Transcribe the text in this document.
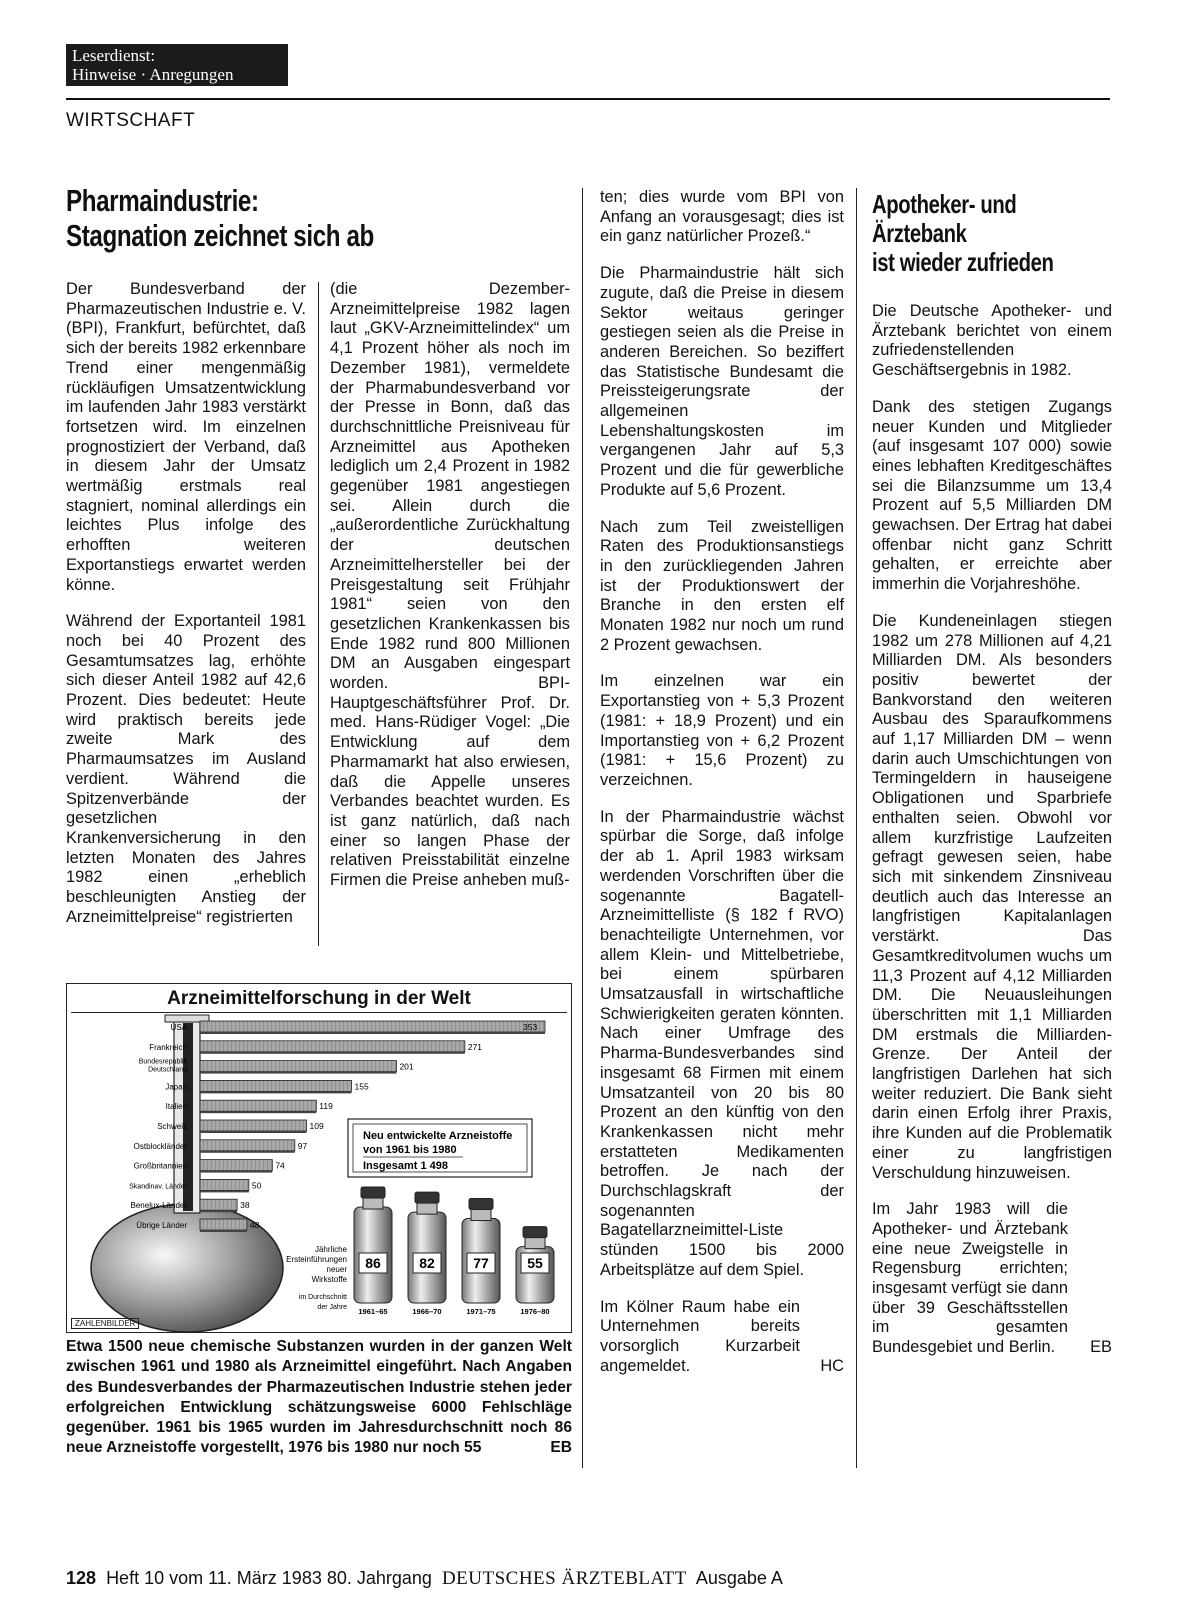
Leserdienst:
Hinweise · Anregungen
WIRTSCHAFT
Pharmaindustrie:
Stagnation zeichnet sich ab
Apotheker- und
Ärztebank
ist wieder zufrieden

Der Bundesverband der Pharmazeutischen Industrie e. V. (BPI), Frankfurt, befürchtet, daß sich der bereits 1982 erkennbare Trend einer mengenmäßig rückläufigen Umsatzentwicklung im laufenden Jahr 1983 verstärkt fortsetzen wird. Im einzelnen prognostiziert der Verband, daß in diesem Jahr der Umsatz wertmäßig erstmals real stagniert, nominal allerdings ein leichtes Plus infolge des erhofften weiteren Exportanstiegs erwartet werden könne.

Während der Exportanteil 1981 noch bei 40 Prozent des Gesamtumsatzes lag, erhöhte sich dieser Anteil 1982 auf 42,6 Prozent. Dies bedeutet: Heute wird praktisch bereits jede zweite Mark des Pharmaumsatzes im Ausland verdient. Während die Spitzenverbände der gesetzlichen Krankenversicherung in den letzten Monaten des Jahres 1982 einen „erheblich beschleunigten Anstieg der Arzneimittelpreise“ registrierten

(die Dezember-Arzneimittelpreise 1982 lagen laut „GKV-Arzneimittelindex“ um 4,1 Prozent höher als noch im Dezember 1981), vermeldete der Pharmabundesverband vor der Presse in Bonn, daß das durchschnittliche Preisniveau für Arzneimittel aus Apotheken lediglich um 2,4 Prozent in 1982 gegenüber 1981 angestiegen sei. Allein durch die „außerordentliche Zurückhaltung der deutschen Arzneimittelhersteller bei der Preisgestaltung seit Frühjahr 1981“ seien von den gesetzlichen Krankenkassen bis Ende 1982 rund 800 Millionen DM an Ausgaben eingespart worden. BPI-Hauptgeschäftsführer Prof. Dr. med. Hans-Rüdiger Vogel: „Die Entwicklung auf dem Pharmamarkt hat also erwiesen, daß die Appelle unseres Verbandes beachtet wurden. Es ist ganz natürlich, daß nach einer so langen Phase der relativen Preisstabilität einzelne Firmen die Preise anheben muß-

ten; dies wurde vom BPI von Anfang an vorausgesagt; dies ist ein ganz natürlicher Prozeß.“

Die Pharmaindustrie hält sich zugute, daß die Preise in diesem Sektor weitaus geringer gestiegen seien als die Preise in anderen Bereichen. So beziffert das Statistische Bundesamt die Preissteigerungsrate der allgemeinen Lebenshaltungskosten im vergangenen Jahr auf 5,3 Prozent und die für gewerbliche Produkte auf 5,6 Prozent.

Nach zum Teil zweistelligen Raten des Produktionsanstiegs in den zurückliegenden Jahren ist der Produktionswert der Branche in den ersten elf Monaten 1982 nur noch um rund 2 Prozent gewachsen.

Im einzelnen war ein Exportanstieg von + 5,3 Prozent (1981: + 18,9 Prozent) und ein Importanstieg von + 6,2 Prozent (1981: + 15,6 Prozent) zu verzeichnen.

In der Pharmaindustrie wächst spürbar die Sorge, daß infolge der ab 1. April 1983 wirksam werdenden Vorschriften über die sogenannte Bagatell-Arzneimittelliste (§ 182 f RVO) benachteiligte Unternehmen, vor allem Klein- und Mittelbetriebe, bei einem spürbaren Umsatzausfall in wirtschaftliche Schwierigkeiten geraten könnten. Nach einer Umfrage des Pharma-Bundesverbandes sind insgesamt 68 Firmen mit einem Umsatzanteil von 20 bis 80 Prozent an den künftig von den Krankenkassen nicht mehr erstatteten Medikamenten betroffen. Je nach der Durchschlagskraft der sogenannten Bagatellarzneimittel-Liste stünden 1500 bis 2000 Arbeitsplätze auf dem Spiel.

Im Kölner Raum habe ein Unternehmen bereits vorsorglich Kurzarbeit angemeldet.	HC

Die Deutsche Apotheker- und Ärztebank berichtet von einem zufriedenstellenden Geschäftsergebnis in 1982.

Dank des stetigen Zugangs neuer Kunden und Mitglieder (auf insgesamt 107 000) sowie eines lebhaften Kreditgeschäftes sei die Bilanzsumme um 13,4 Prozent auf 5,5 Milliarden DM gewachsen. Der Ertrag hat dabei offenbar nicht ganz Schritt gehalten, er erreichte aber immerhin die Vorjahreshöhe.

Die Kundeneinlagen stiegen 1982 um 278 Millionen auf 4,21 Milliarden DM. Als besonders positiv bewertet der Bankvorstand den weiteren Ausbau des Sparaufkommens auf 1,17 Milliarden DM – wenn darin auch Umschichtungen von Termingeldern in hauseigene Obligationen und Sparbriefe enthalten seien. Obwohl vor allem kurzfristige Laufzeiten gefragt gewesen seien, habe sich mit sinkendem Zinsniveau deutlich auch das Interesse an langfristigen Kapitalanlagen verstärkt. Das Gesamtkreditvolumen wuchs um 11,3 Prozent auf 4,12 Milliarden DM. Die Neuausleihungen überschritten mit 1,1 Milliarden DM erstmals die Milliarden-Grenze. Der Anteil der langfristigen Darlehen hat sich weiter reduziert. Die Bank sieht darin einen Erfolg ihrer Praxis, ihre Kunden auf die Problematik einer zu langfristigen Verschuldung hinzuweisen.

Im Jahr 1983 will die Apotheker- und Ärztebank eine neue Zweigstelle in Regensburg errichten; insgesamt verfügt sie dann über 39 Geschäftsstellen im gesamten Bundesgebiet und Berlin.	EB
Arzneimittelforschung in der Welt
USA	353
Frankreich	271
Bundesrepublik Deutschland	201
Japan	155
Italien	119
Schweiz	109
Ostblockländer	97
Großbritannien	74
Skandinav. Länder	50
Benelux-Länder	38
Übrige Länder	48
Neu entwickelte Arzneistoffe
von 1961 bis 1980
Insgesamt 1 498
Jährliche
Ersteinführungen
neuer
Wirkstoffe
im Durchschnitt
der Jahre
86
1961–65
82
1966–70
77
1971–75
55
1976–80
ZAHLENBILDER
Etwa 1500 neue chemische Substanzen wurden in der ganzen Welt zwischen 1961 und 1980 als Arzneimittel eingeführt. Nach Angaben des Bundesverbandes der Pharmazeutischen Industrie stehen jeder erfolgreichen Entwicklung schätzungsweise 6000 Fehlschläge gegenüber. 1961 bis 1965 wurden im Jahresdurchschnitt noch 86 neue Arzneistoffe vorgestellt, 1976 bis 1980 nur noch 55	EB
128 Heft 10 vom 11. März 1983 80. Jahrgang DEUTSCHES ÄRZTEBLATT Ausgabe A
